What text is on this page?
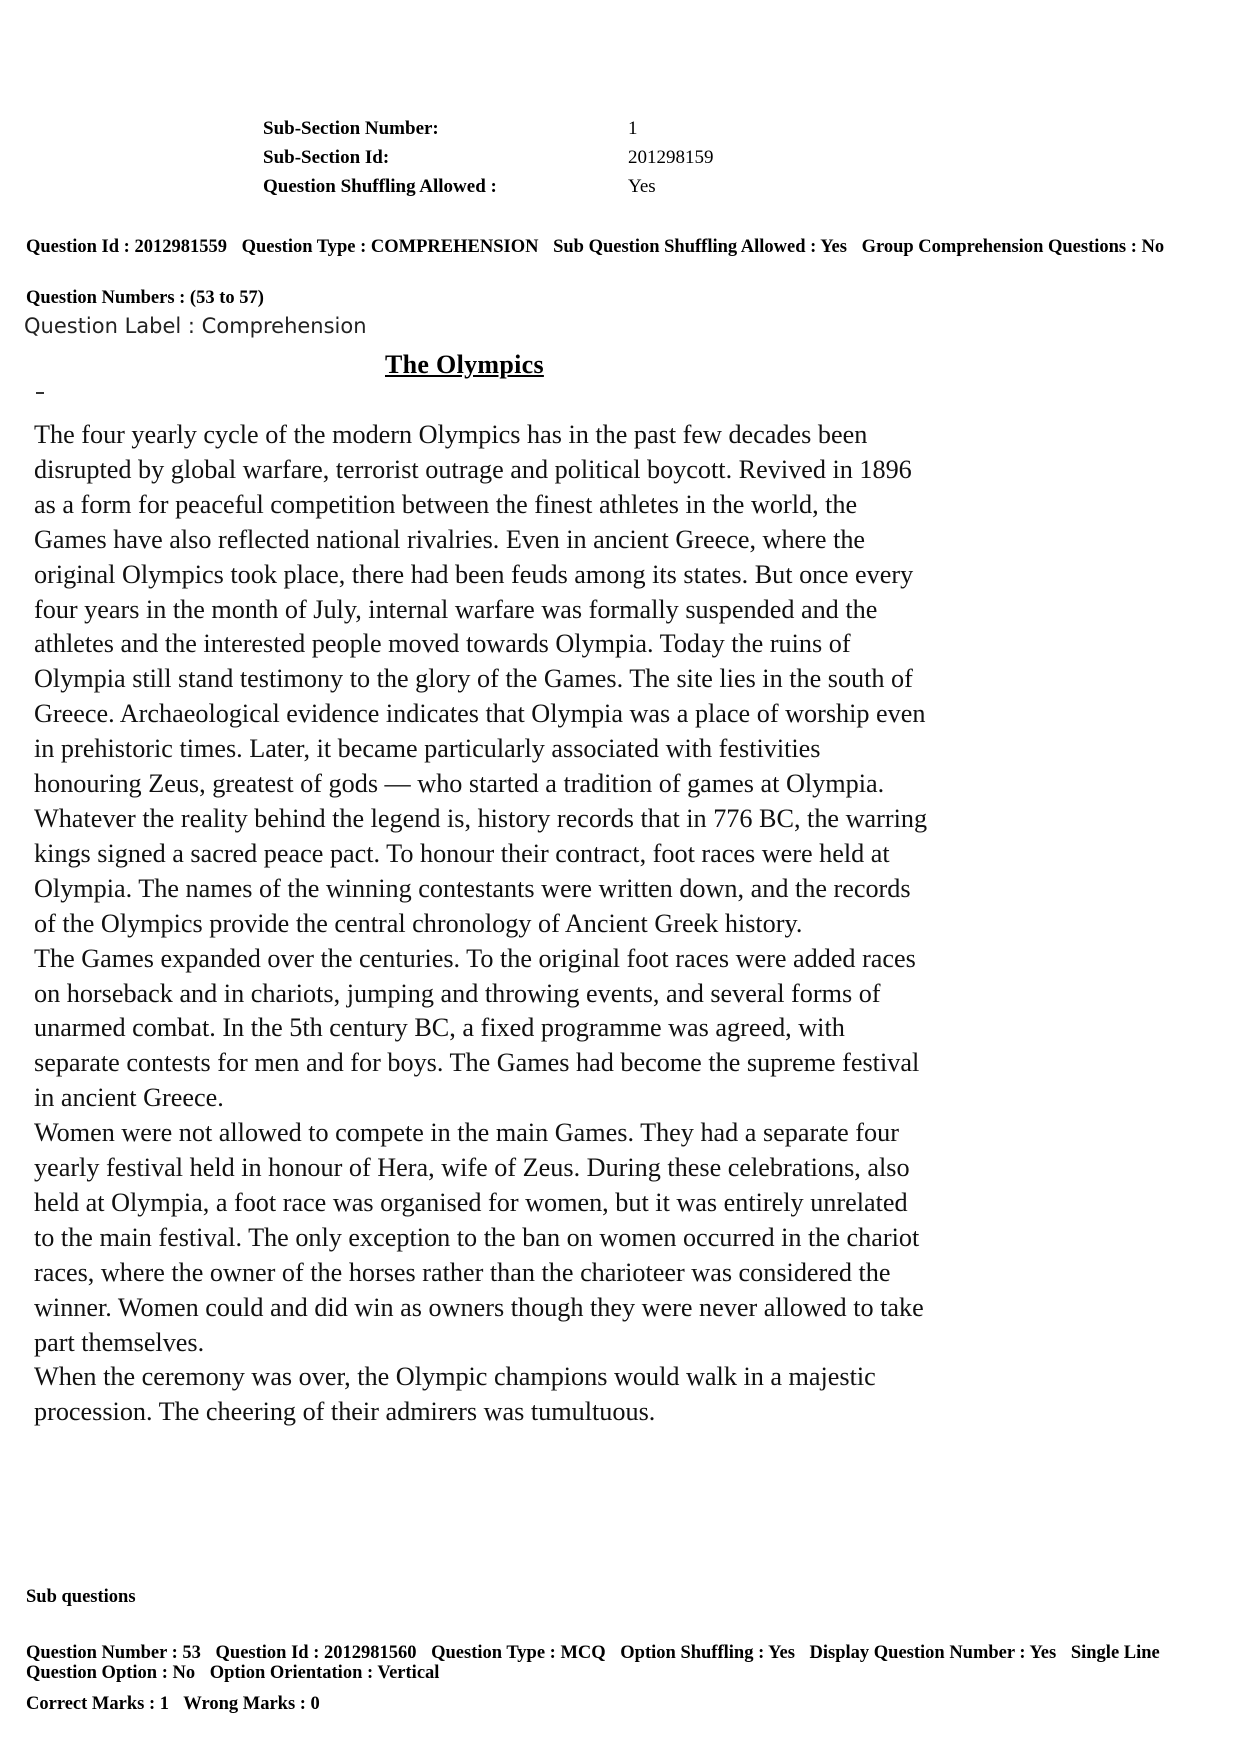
Sub-Section Number:	1
Sub-Section Id:	201298159
Question Shuffling Allowed :	Yes
Question Id : 2012981559 Question Type : COMPREHENSION Sub Question Shuffling Allowed : Yes Group Comprehension Questions : No
Question Numbers : (53 to 57)
Question Label : Comprehension
The Olympics

The four yearly cycle of the modern Olympics has in the past few decades been disrupted by global warfare, terrorist outrage and political boycott. Revived in 1896 as a form for peaceful competition between the finest athletes in the world, the Games have also reflected national rivalries. Even in ancient Greece, where the original Olympics took place, there had been feuds among its states. But once every four years in the month of July, internal warfare was formally suspended and the athletes and the interested people moved towards Olympia. Today the ruins of Olympia still stand testimony to the glory of the Games. The site lies in the south of Greece. Archaeological evidence indicates that Olympia was a place of worship even in prehistoric times. Later, it became particularly associated with festivities honouring Zeus, greatest of gods — who started a tradition of games at Olympia. Whatever the reality behind the legend is, history records that in 776 BC, the warring kings signed a sacred peace pact. To honour their contract, foot races were held at Olympia. The names of the winning contestants were written down, and the records of the Olympics provide the central chronology of Ancient Greek history.

The Games expanded over the centuries. To the original foot races were added races on horseback and in chariots, jumping and throwing events, and several forms of unarmed combat. In the 5th century BC, a fixed programme was agreed, with separate contests for men and for boys. The Games had become the supreme festival in ancient Greece.

Women were not allowed to compete in the main Games. They had a separate four yearly festival held in honour of Hera, wife of Zeus. During these celebrations, also held at Olympia, a foot race was organised for women, but it was entirely unrelated to the main festival. The only exception to the ban on women occurred in the chariot races, where the owner of the horses rather than the charioteer was considered the winner. Women could and did win as owners though they were never allowed to take part themselves.

When the ceremony was over, the Olympic champions would walk in a majestic procession. The cheering of their admirers was tumultuous.

Sub questions
Question Number : 53 Question Id : 2012981560 Question Type : MCQ Option Shuffling : Yes Display Question Number : Yes Single Line Question Option : No Option Orientation : Vertical
Correct Marks : 1 Wrong Marks : 0
